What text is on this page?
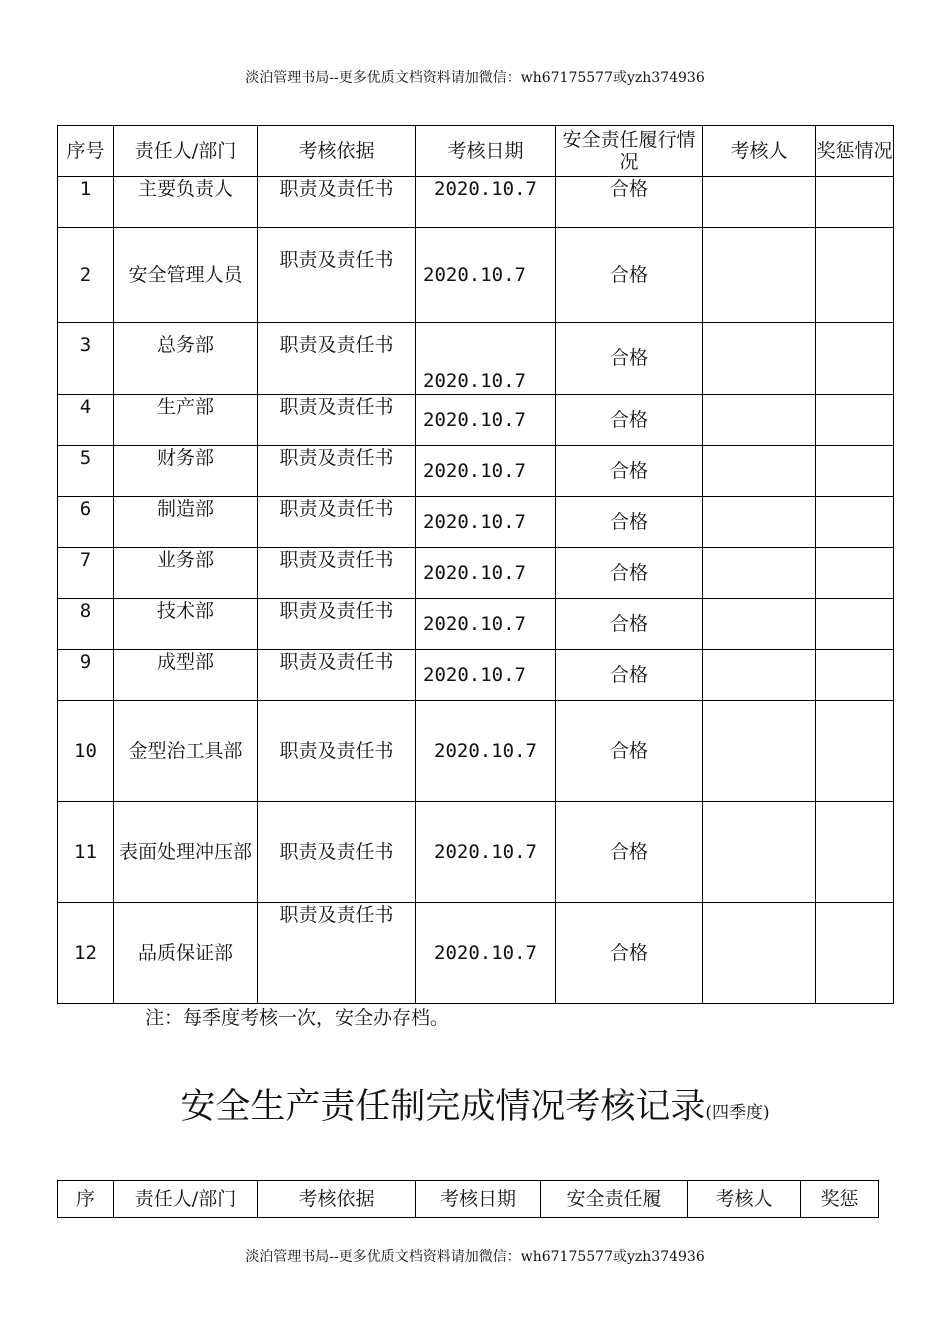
淡泊管理书局--更多优质文档资料请加微信：wh67175577或yzh374936
序号	责任人/部门	考核依据	考核日期	安全责任履行情况	考核人	奖惩情况
1	主要负责人	职责及责任书	2020.10.7	合格		
2	安全管理人员	职责及责任书	2020.10.7	合格		
3	总务部	职责及责任书	2020.10.7	合格		
4	生产部	职责及责任书	2020.10.7	合格		
5	财务部	职责及责任书	2020.10.7	合格		
6	制造部	职责及责任书	2020.10.7	合格		
7	业务部	职责及责任书	2020.10.7	合格		
8	技术部	职责及责任书	2020.10.7	合格		
9	成型部	职责及责任书	2020.10.7	合格		
10	金型治工具部	职责及责任书	2020.10.7	合格		
11	表面处理冲压部	职责及责任书	2020.10.7	合格		
12	品质保证部	职责及责任书	2020.10.7	合格		
注：每季度考核一次，安全办存档。
安全生产责任制完成情况考核记录(四季度)
序	责任人/部门	考核依据	考核日期	安全责任履	考核人	奖惩
淡泊管理书局--更多优质文档资料请加微信：wh67175577或yzh374936
